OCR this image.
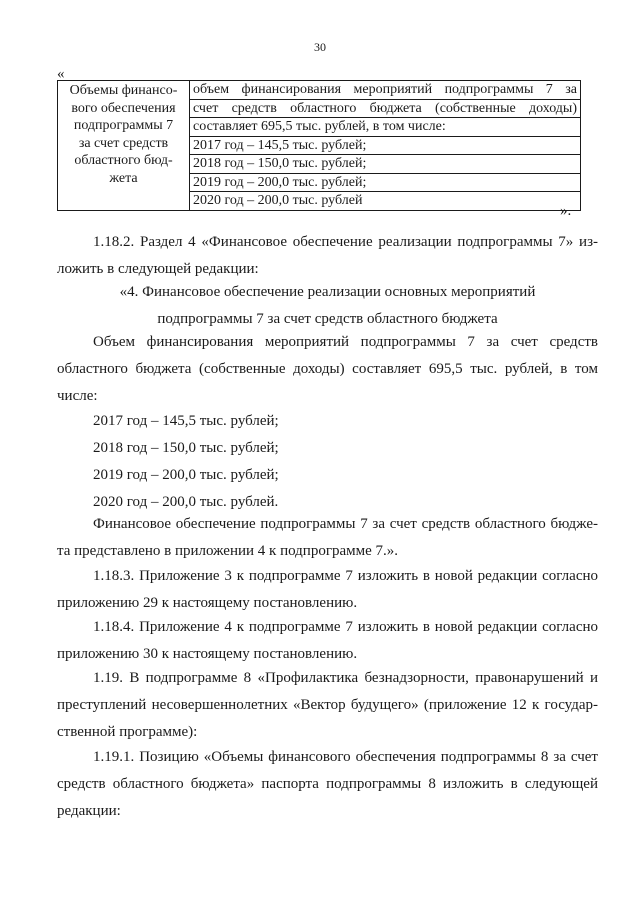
30
«
Объемы финансо-
вого обеспечения
подпрограммы 7
за счет средств
областного бюд-
жета

объем финансирования мероприятий подпрограммы 7 за
счет средств областного бюджета (собственные доходы)
составляет 695,5 тыс. рублей, в том числе:
2017 год – 145,5 тыс. рублей;
2018 год – 150,0 тыс. рублей;
2019 год – 200,0 тыс. рублей;
2020 год – 200,0 тыс. рублей
».
1.18.2. Раздел 4 «Финансовое обеспечение реализации подпрограммы 7» из-
ложить в следующей редакции:
«4. Финансовое обеспечение реализации основных мероприятий
подпрограммы 7 за счет средств областного бюджета
Объем финансирования мероприятий подпрограммы 7 за счет средств
областного бюджета (собственные доходы) составляет 695,5 тыс. рублей, в том
числе:
2017 год – 145,5 тыс. рублей;
2018 год – 150,0 тыс. рублей;
2019 год – 200,0 тыс. рублей;
2020 год – 200,0 тыс. рублей.
Финансовое обеспечение подпрограммы 7 за счет средств областного бюдже-
та представлено в приложении 4 к подпрограмме 7.».
1.18.3. Приложение 3 к подпрограмме 7 изложить в новой редакции согласно
приложению 29 к настоящему постановлению.
1.18.4. Приложение 4 к подпрограмме 7 изложить в новой редакции согласно
приложению 30 к настоящему постановлению.
1.19. В подпрограмме 8 «Профилактика безнадзорности, правонарушений и
преступлений несовершеннолетних «Вектор будущего» (приложение 12 к государ-
ственной программе):
1.19.1. Позицию «Объемы финансового обеспечения подпрограммы 8 за счет
средств областного бюджета» паспорта подпрограммы 8 изложить в следующей
редакции:
